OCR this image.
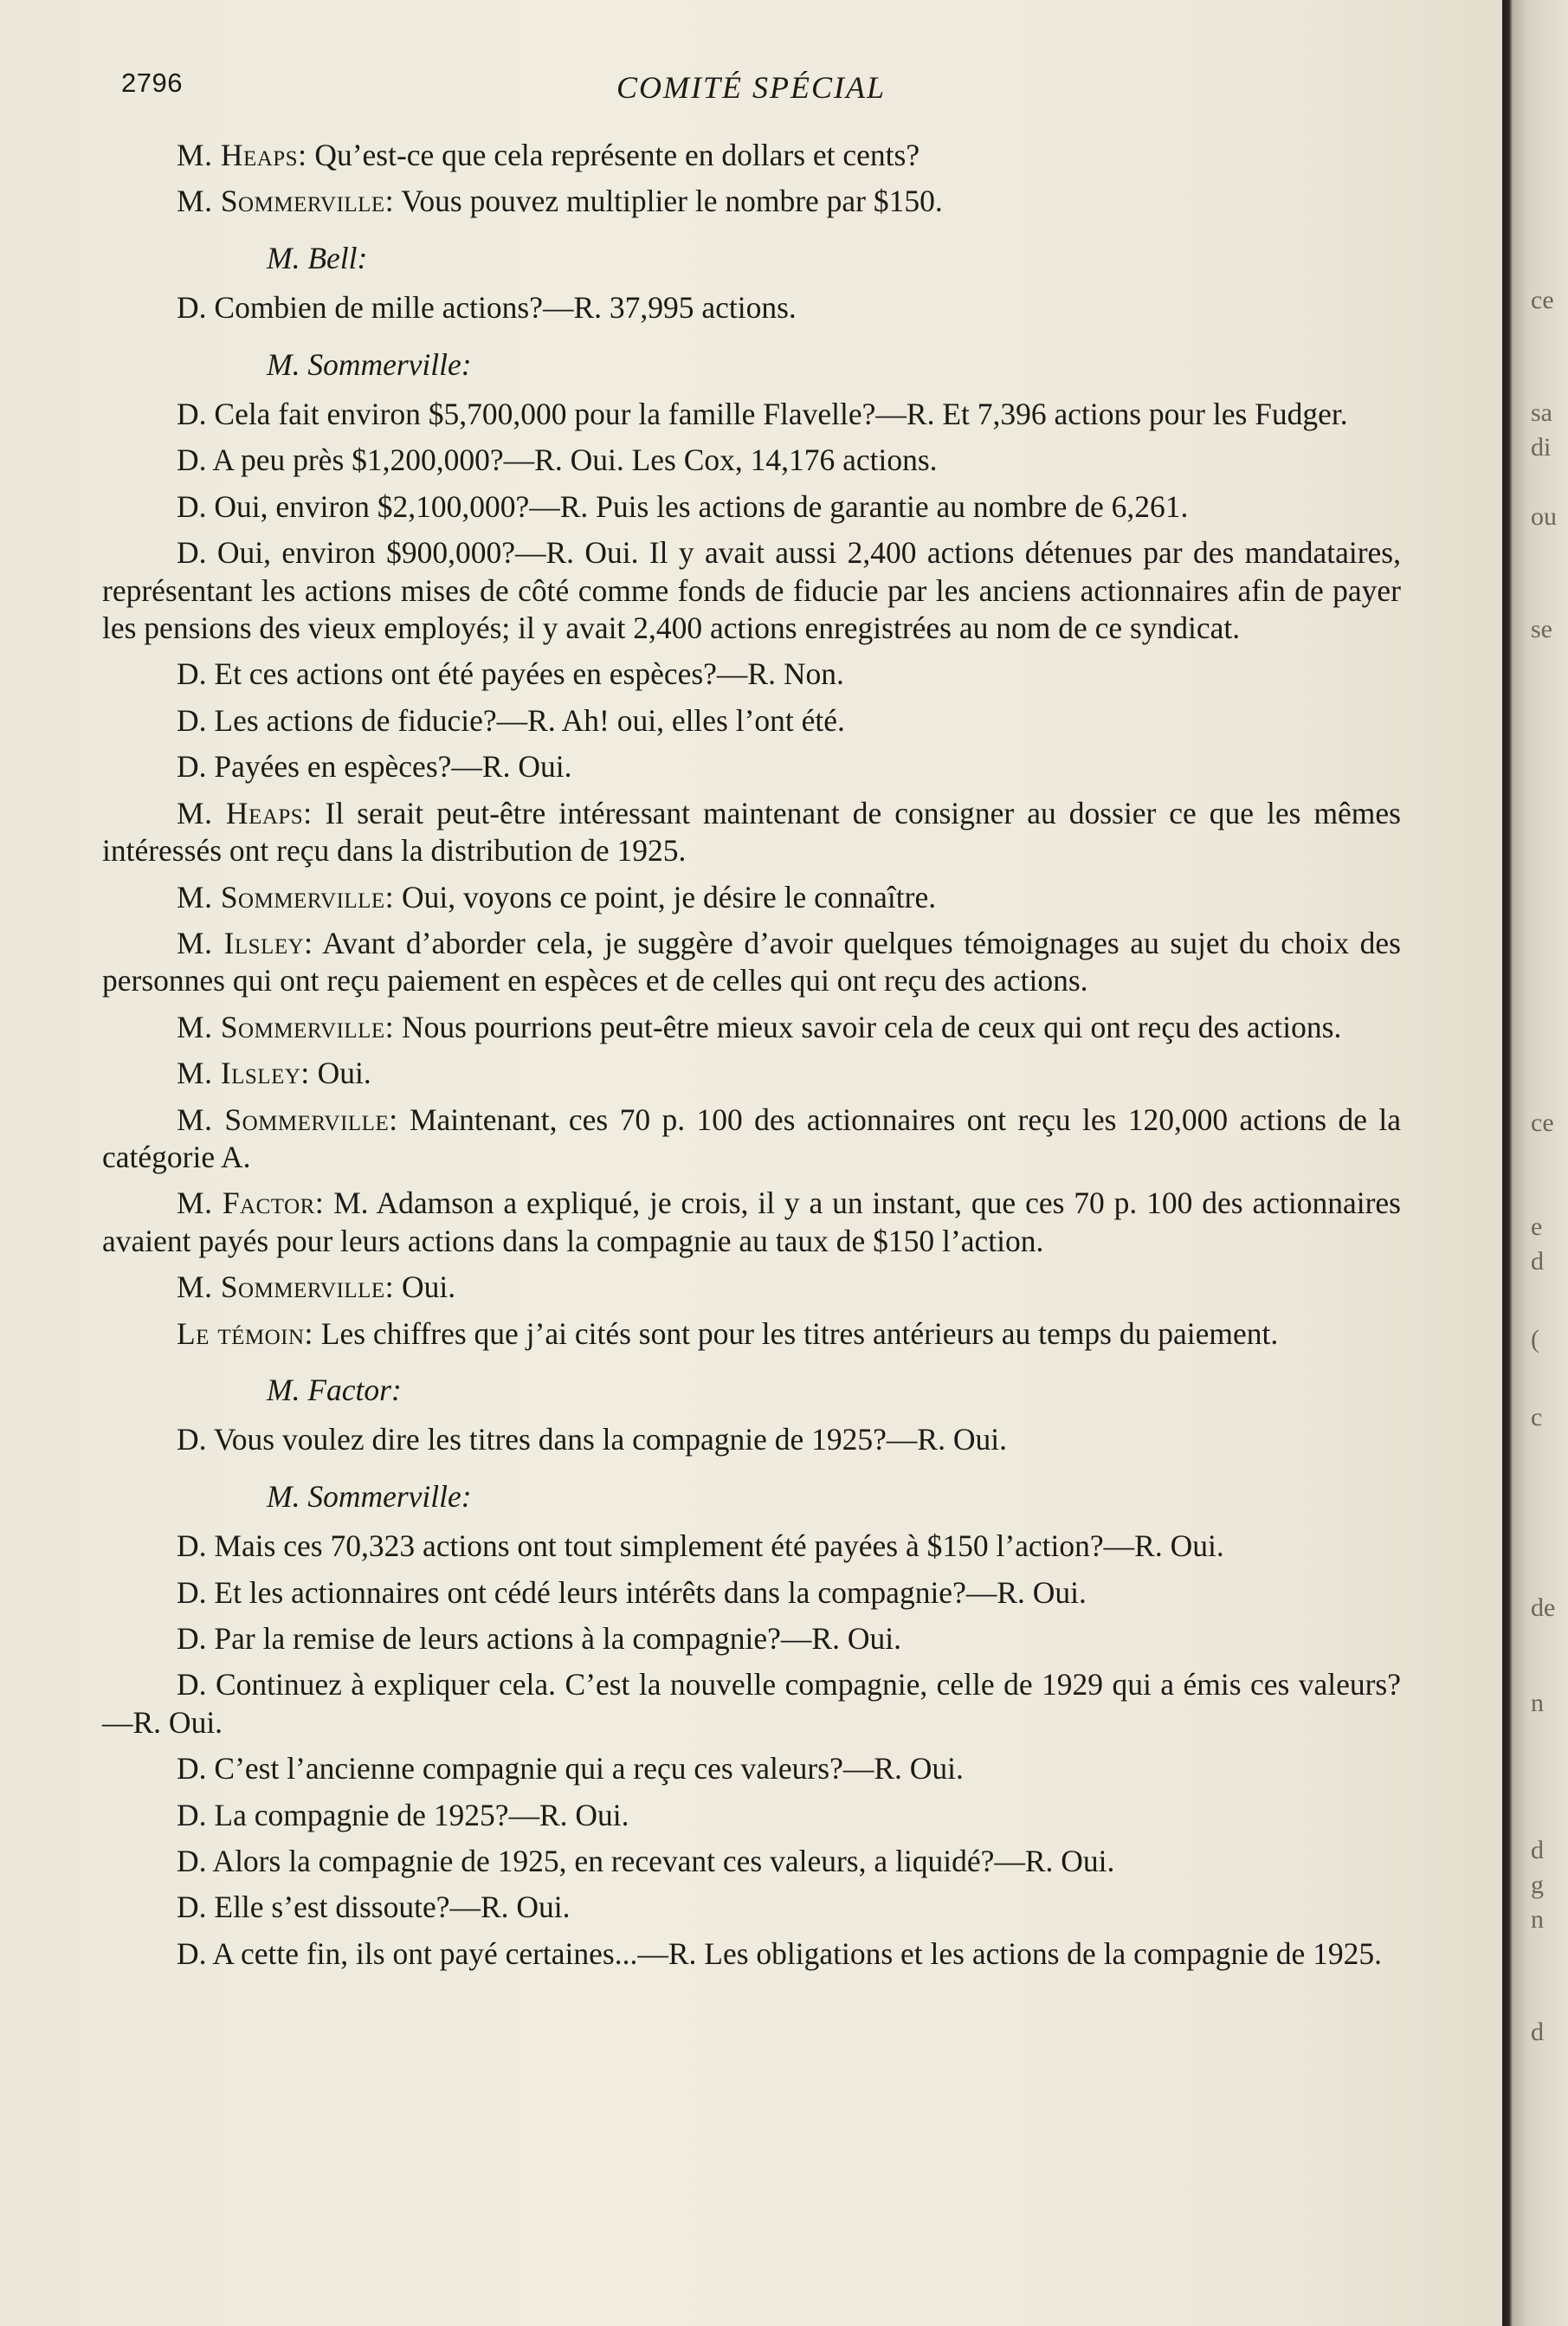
2796	COMITÉ SPÉCIAL

M. Heaps: Qu’est-ce que cela représente en dollars et cents?

M. Sommerville: Vous pouvez multiplier le nombre par $150.

M. Bell:

D. Combien de mille actions?—R. 37,995 actions.

M. Sommerville:

D. Cela fait environ $5,700,000 pour la famille Flavelle?—R. Et 7,396 actions pour les Fudger.

D. A peu près $1,200,000?—R. Oui. Les Cox, 14,176 actions.

D. Oui, environ $2,100,000?—R. Puis les actions de garantie au nombre de 6,261.

D. Oui, environ $900,000?—R. Oui. Il y avait aussi 2,400 actions détenues par des mandataires, représentant les actions mises de côté comme fonds de fiducie par les anciens actionnaires afin de payer les pensions des vieux employés; il y avait 2,400 actions enregistrées au nom de ce syndicat.

D. Et ces actions ont été payées en espèces?—R. Non.

D. Les actions de fiducie?—R. Ah! oui, elles l’ont été.

D. Payées en espèces?—R. Oui.

M. Heaps: Il serait peut-être intéressant maintenant de consigner au dossier ce que les mêmes intéressés ont reçu dans la distribution de 1925.

M. Sommerville: Oui, voyons ce point, je désire le connaître.

M. Ilsley: Avant d’aborder cela, je suggère d’avoir quelques témoignages au sujet du choix des personnes qui ont reçu paiement en espèces et de celles qui ont reçu des actions.

M. Sommerville: Nous pourrions peut-être mieux savoir cela de ceux qui ont reçu des actions.

M. Ilsley: Oui.

M. Sommerville: Maintenant, ces 70 p. 100 des actionnaires ont reçu les 120,000 actions de la catégorie A.

M. Factor: M. Adamson a expliqué, je crois, il y a un instant, que ces 70 p. 100 des actionnaires avaient payés pour leurs actions dans la compagnie au taux de $150 l’action.

M. Sommerville: Oui.

Le témoin: Les chiffres que j’ai cités sont pour les titres antérieurs au temps du paiement.

M. Factor:

D. Vous voulez dire les titres dans la compagnie de 1925?—R. Oui.

M. Sommerville:

D. Mais ces 70,323 actions ont tout simplement été payées à $150 l’action?—R. Oui.

D. Et les actionnaires ont cédé leurs intérêts dans la compagnie?—R. Oui.

D. Par la remise de leurs actions à la compagnie?—R. Oui.

D. Continuez à expliquer cela. C’est la nouvelle compagnie, celle de 1929 qui a émis ces valeurs?—R. Oui.

D. C’est l’ancienne compagnie qui a reçu ces valeurs?—R. Oui.

D. La compagnie de 1925?—R. Oui.

D. Alors la compagnie de 1925, en recevant ces valeurs, a liquidé?—R. Oui.

D. Elle s’est dissoute?—R. Oui.

D. A cette fin, ils ont payé certaines...—R. Les obligations et les actions de la compagnie de 1925.

ce
sa
di
ou
se
ce
e
d
(
c
de
n
d
g
n
d
